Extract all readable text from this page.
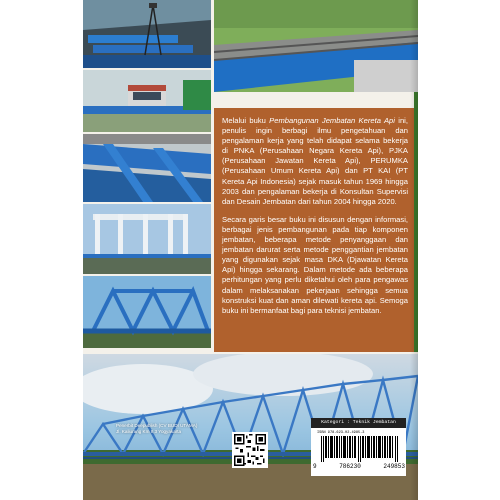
Melalui buku Pembangunan Jembatan Kereta Api ini, penulis ingin berbagi ilmu pengetahuan dan pengalaman kerja yang telah didapat selama bekerja di PNKA (Perusahaan Negara Kereta Api), PJKA (Perusahaan Jawatan Kereta Api), PERUMKA (Perusahaan Umum Kereta Api) dan PT KAI (PT Kereta Api Indonesia) sejak masuk tahun 1969 hingga 2003 dan pengalaman bekerja di Konsultan Supervisi dan Desain Jembatan dari tahun 2004 hingga 2020.

Secara garis besar buku ini disusun dengan informasi, berbagai jenis pembangunan pada tiap komponen jembatan, beberapa metode penyanggaan dan jembatan darurat serta metode penggantian jembatan yang digunakan sejak masa DKA (Djawatan Kereta Api) hingga sekarang. Dalam metode ada beberapa perhitungan yang perlu diketahui oleh para pengawas dalam melaksanakan pekerjaan sehingga semua konstruksi kuat dan aman dilewati kereta api. Semoga buku ini bermanfaat bagi para teknisi jembatan.

Penerbit Deepublish (CV BUDI UTAMA)
Jl. Kaliurang Km 9,3 Yogyakarta
Kategori : Teknik Jembatan
ISBN 978-623-02-4985-3
9	786230	249853
